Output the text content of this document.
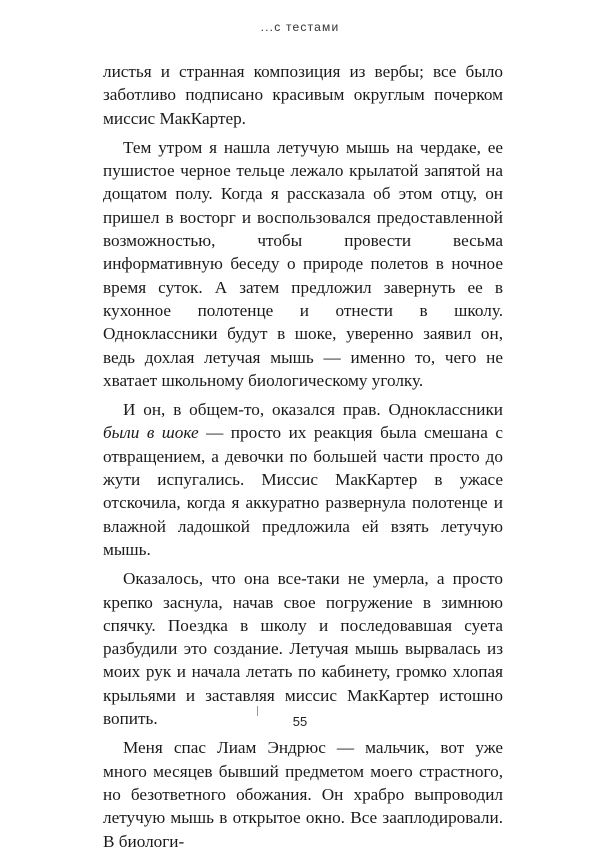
...с тестами

листья и странная композиция из вербы; все было заботливо подписано красивым округлым почерком миссис МакКартер.

Тем утром я нашла летучую мышь на чердаке, ее пушистое черное тельце лежало крылатой запятой на дощатом полу. Когда я рассказала об этом отцу, он пришел в восторг и воспользовался предоставленной возможностью, чтобы провести весьма информативную беседу о природе полетов в ночное время суток. А затем предложил завернуть ее в кухонное полотенце и отнести в школу. Одноклассники будут в шоке, уверенно заявил он, ведь дохлая летучая мышь — именно то, чего не хватает школьному биологическому уголку.

И он, в общем-то, оказался прав. Одноклассники были в шоке — просто их реакция была смешана с отвращением, а девочки по большей части просто до жути испугались. Миссис МакКартер в ужасе отскочила, когда я аккуратно развернула полотенце и влажной ладошкой предложила ей взять летучую мышь.

Оказалось, что она все-таки не умерла, а просто крепко заснула, начав свое погружение в зимнюю спячку. Поездка в школу и последовавшая суета разбудили это создание. Летучая мышь вырвалась из моих рук и начала летать по кабинету, громко хлопая крыльями и заставляя миссис МакКартер истошно вопить.

Меня спас Лиам Эндрюс — мальчик, вот уже много месяцев бывший предметом моего страстного, но безответного обожания. Он храбро выпроводил летучую мышь в открытое окно. Все зааплодировали. В биологи-

55
